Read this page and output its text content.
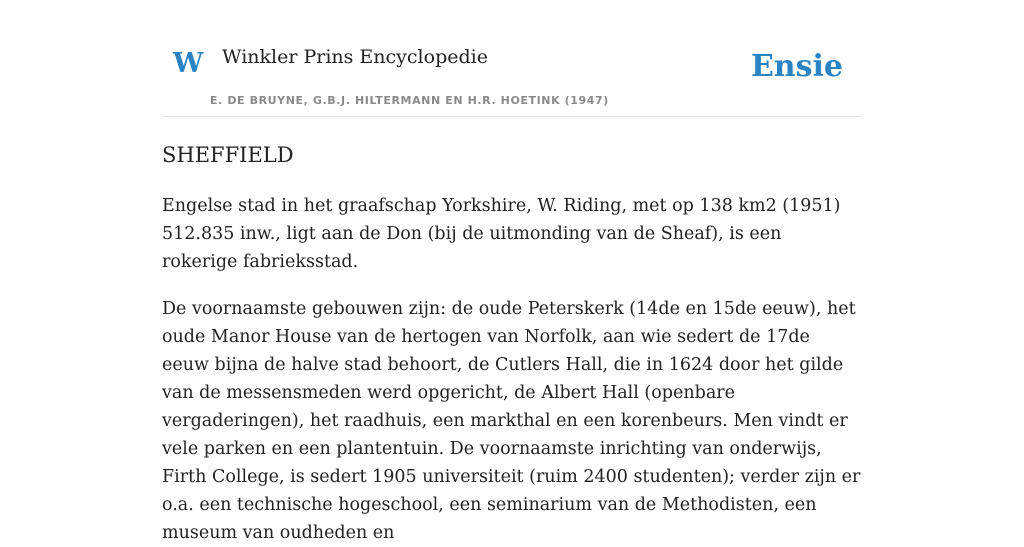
W Winkler Prins Encyclopedie
E. DE BRUYNE, G.B.J. HILTERMANN EN H.R. HOETINK (1947)
Ensie
SHEFFIELD

Engelse stad in het graafschap Yorkshire, W. Riding, met op 138 km2 (1951) 512.835 inw., ligt aan de Don (bij de uitmonding van de Sheaf), is een rokerige fabrieksstad.

De voornaamste gebouwen zijn: de oude Peterskerk (14de en 15de eeuw), het oude Manor House van de hertogen van Norfolk, aan wie sedert de 17de eeuw bijna de halve stad behoort, de Cutlers Hall, die in 1624 door het gilde van de messensmeden werd opgericht, de Albert Hall (openbare vergaderingen), het raadhuis, een markthal en een korenbeurs. Men vindt er vele parken en een plantentuin. De voornaamste inrichting van onderwijs, Firth College, is sedert 1905 universiteit (ruim 2400 studenten); verder zijn er o.a. een technische hogeschool, een seminarium van de Methodisten, een museum van oudheden en
